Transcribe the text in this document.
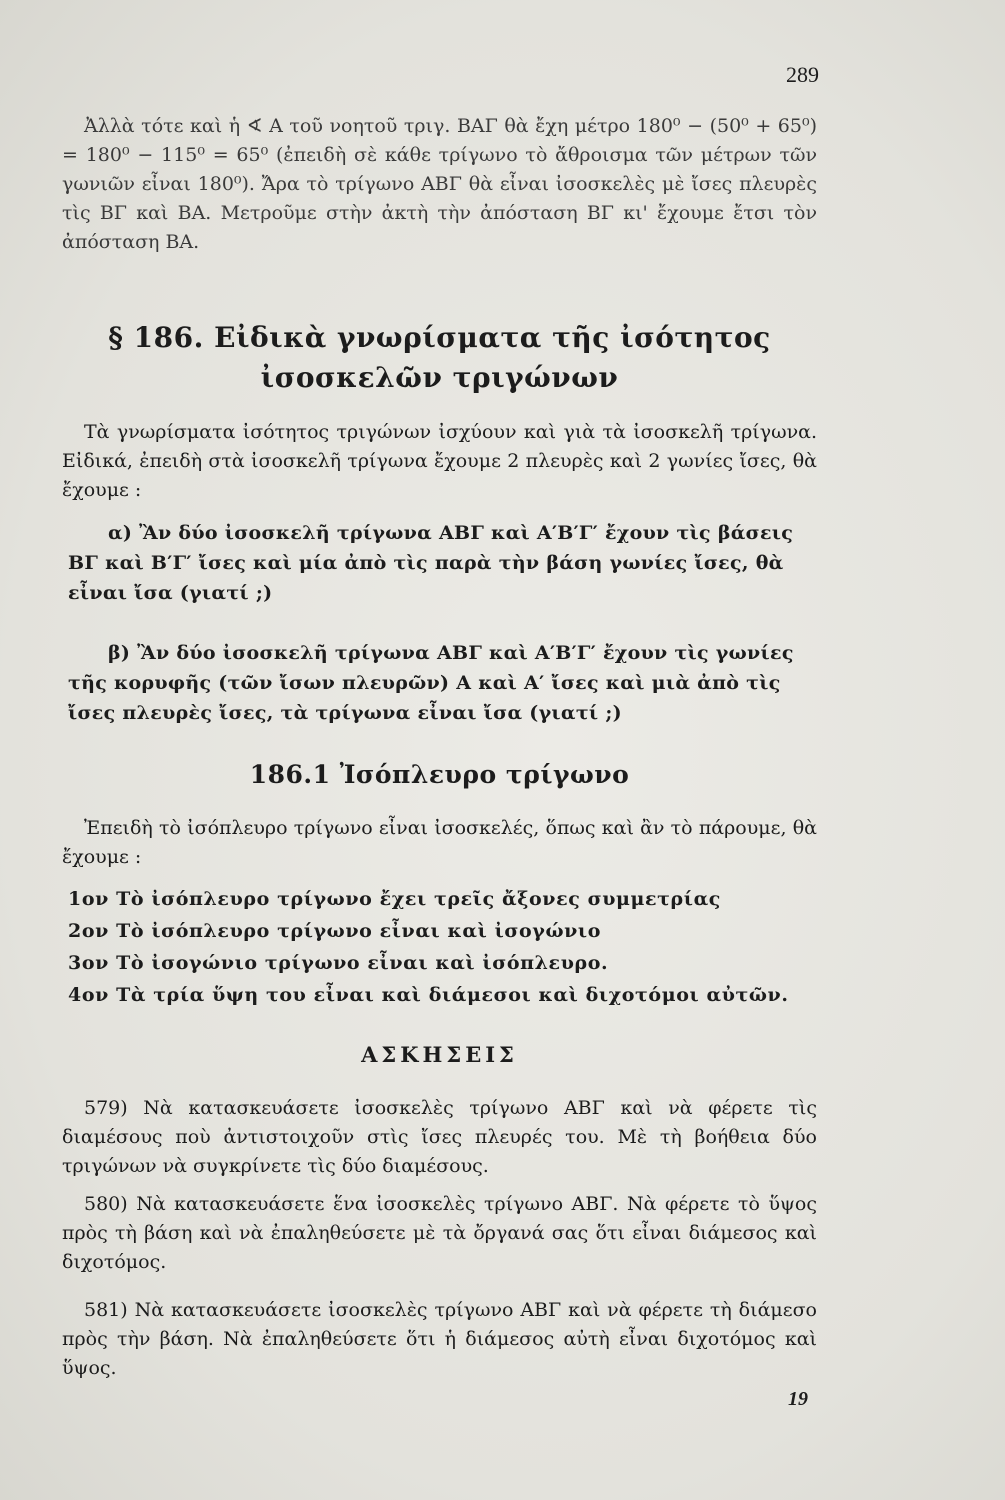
289

Ἀλλὰ τότε καὶ ἡ ∢ Α τοῦ νοητοῦ τριγ. ΒΑΓ θὰ ἔχη μέτρο 180⁰ − (50⁰ + 65⁰) = 180⁰ − 115⁰ = 65⁰ (ἐπειδὴ σὲ κάθε τρίγωνο τὸ ἄθροισμα τῶν μέτρων τῶν γωνιῶν εἶναι 180⁰). Ἄρα τὸ τρίγωνο ΑΒΓ θὰ εἶναι ἰσοσκελὲς μὲ ἴσες πλευρὲς τὶς ΒΓ καὶ ΒΑ. Μετροῦμε στὴν ἀκτὴ τὴν ἀπόσταση ΒΓ κι' ἔχουμε ἔτσι τὸν ἀπόσταση ΒΑ.

§ 186. Εἰδικὰ γνωρίσματα τῆς ἰσότητος
ἰσοσκελῶν τριγώνων

Τὰ γνωρίσματα ἰσότητος τριγώνων ἰσχύουν καὶ γιὰ τὰ ἰσοσκελῆ τρίγωνα. Εἰδικά, ἐπειδὴ στὰ ἰσοσκελῆ τρίγωνα ἔχουμε 2 πλευρὲς καὶ 2 γωνίες ἴσες, θὰ ἔχουμε :

α) Ἂν δύο ἰσοσκελῆ τρίγωνα ΑΒΓ καὶ Α′Β′Γ′ ἔχουν τὶς βάσεις ΒΓ καὶ Β′Γ′ ἴσες καὶ μία ἀπὸ τὶς παρὰ τὴν βάση γωνίες ἴσες, θὰ εἶναι ἴσα (γιατί ;)

β) Ἂν δύο ἰσοσκελῆ τρίγωνα ΑΒΓ καὶ Α′Β′Γ′ ἔχουν τὶς γωνίες τῆς κορυφῆς (τῶν ἴσων πλευρῶν) Α καὶ Α′ ἴσες καὶ μιὰ ἀπὸ τὶς ἴσες πλευρὲς ἴσες, τὰ τρίγωνα εἶναι ἴσα (γιατί ;)

186.1 Ἰσόπλευρο τρίγωνο

Ἐπειδὴ τὸ ἰσόπλευρο τρίγωνο εἶναι ἰσοσκελές, ὅπως καὶ ἂν τὸ πάρουμε, θὰ ἔχουμε :

1ον Τὸ ἰσόπλευρο τρίγωνο ἔχει τρεῖς ἄξονες συμμετρίας

2ον Τὸ ἰσόπλευρο τρίγωνο εἶναι καὶ ἰσογώνιο

3ον Τὸ ἰσογώνιο τρίγωνο εἶναι καὶ ἰσόπλευρο.

4ον Τὰ τρία ὕψη του εἶναι καὶ διάμεσοι καὶ διχοτόμοι αὐτῶν.

ΑΣΚΗΣΕΙΣ

579) Νὰ κατασκευάσετε ἰσοσκελὲς τρίγωνο ΑΒΓ καὶ νὰ φέρετε τὶς διαμέσους ποὺ ἀντιστοιχοῦν στὶς ἴσες πλευρές του. Μὲ τὴ βοήθεια δύο τριγώνων νὰ συγκρίνετε τὶς δύο διαμέσους.

580) Νὰ κατασκευάσετε ἕνα ἰσοσκελὲς τρίγωνο ΑΒΓ. Νὰ φέρετε τὸ ὕψος πρὸς τὴ βάση καὶ νὰ ἐπαληθεύσετε μὲ τὰ ὄργανά σας ὅτι εἶναι διάμεσος καὶ διχοτόμος.

581) Νὰ κατασκευάσετε ἰσοσκελὲς τρίγωνο ΑΒΓ καὶ νὰ φέρετε τὴ διάμεσο πρὸς τὴν βάση. Νὰ ἐπαληθεύσετε ὅτι ἡ διάμεσος αὐτὴ εἶναι διχοτόμος καὶ ὕψος.

19
